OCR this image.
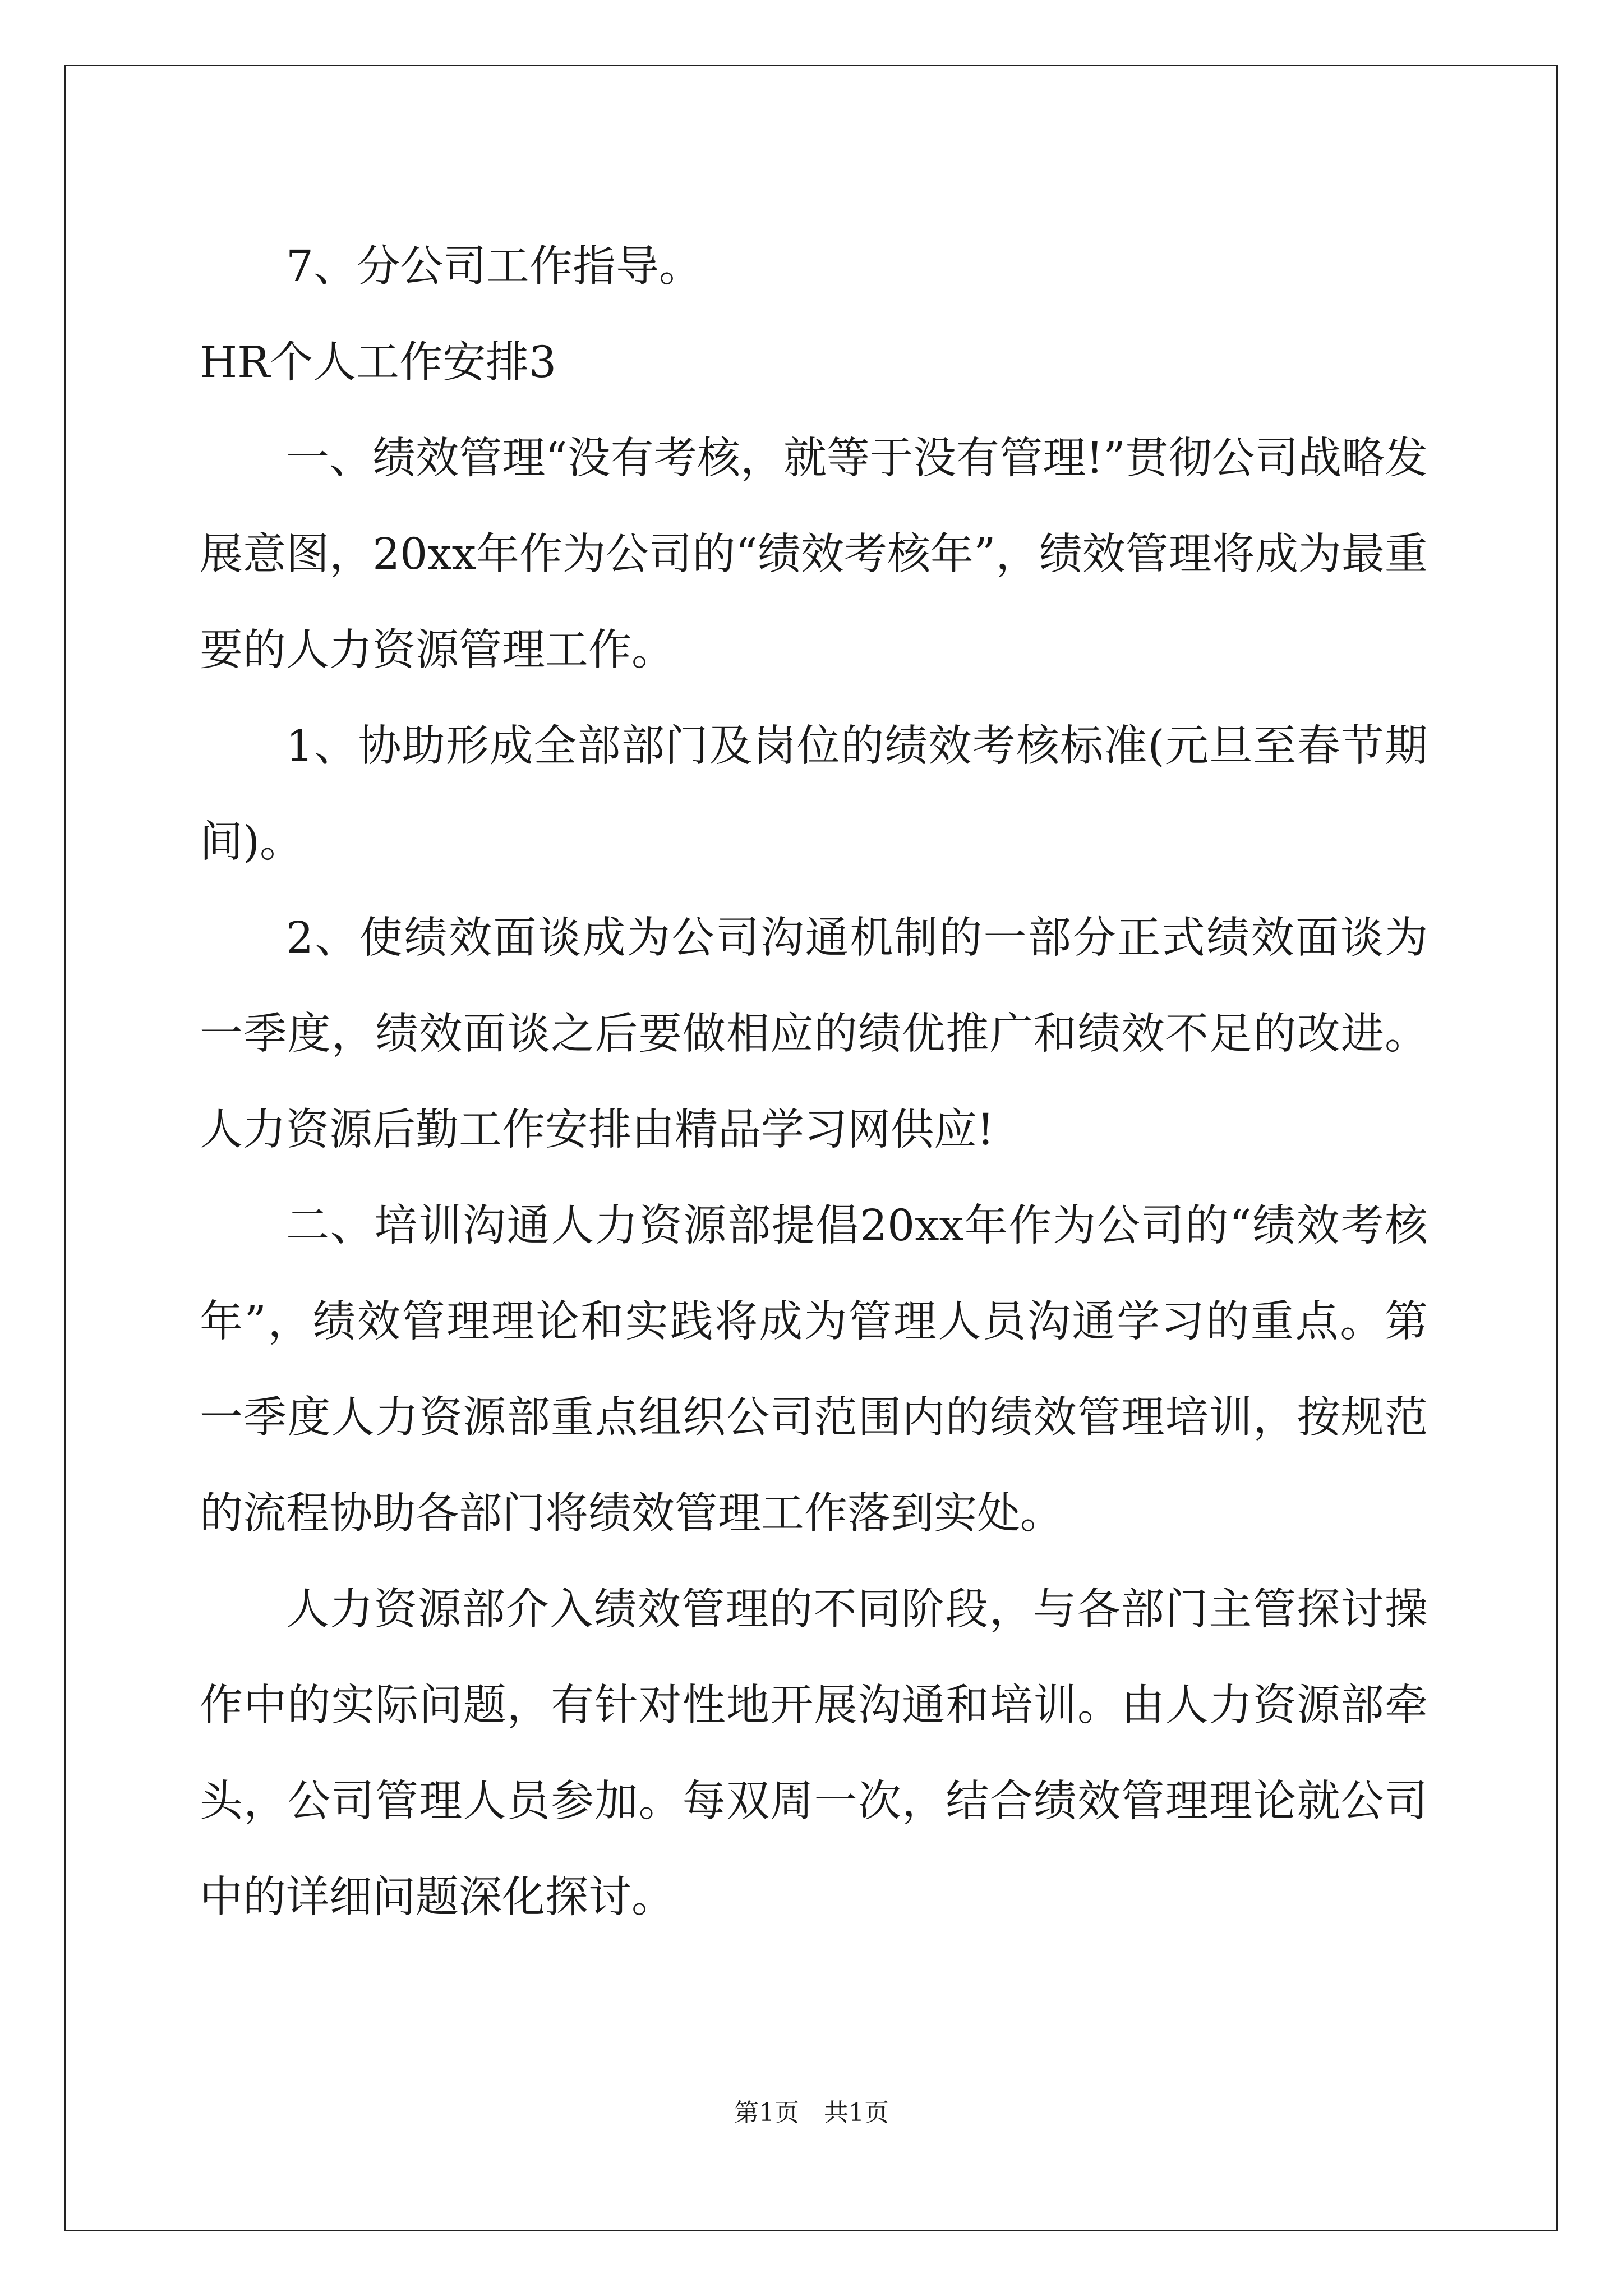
7、分公司工作指导。

HR个人工作安排3

一、绩效管理“没有考核，就等于没有管理!”贯彻公司战略发展意图，20xx年作为公司的“绩效考核年”，绩效管理将成为最重要的人力资源管理工作。

1、协助形成全部部门及岗位的绩效考核标准(元旦至春节期间)。

2、使绩效面谈成为公司沟通机制的一部分正式绩效面谈为一季度，绩效面谈之后要做相应的绩优推广和绩效不足的改进。人力资源后勤工作安排由精品学习网供应!

二、培训沟通人力资源部提倡20xx年作为公司的“绩效考核年”，绩效管理理论和实践将成为管理人员沟通学习的重点。第一季度人力资源部重点组织公司范围内的绩效管理培训，按规范的流程协助各部门将绩效管理工作落到实处。

人力资源部介入绩效管理的不同阶段，与各部门主管探讨操作中的实际问题，有针对性地开展沟通和培训。由人力资源部牵头，公司管理人员参加。每双周一次，结合绩效管理理论就公司中的详细问题深化探讨。

第1页　共1页
